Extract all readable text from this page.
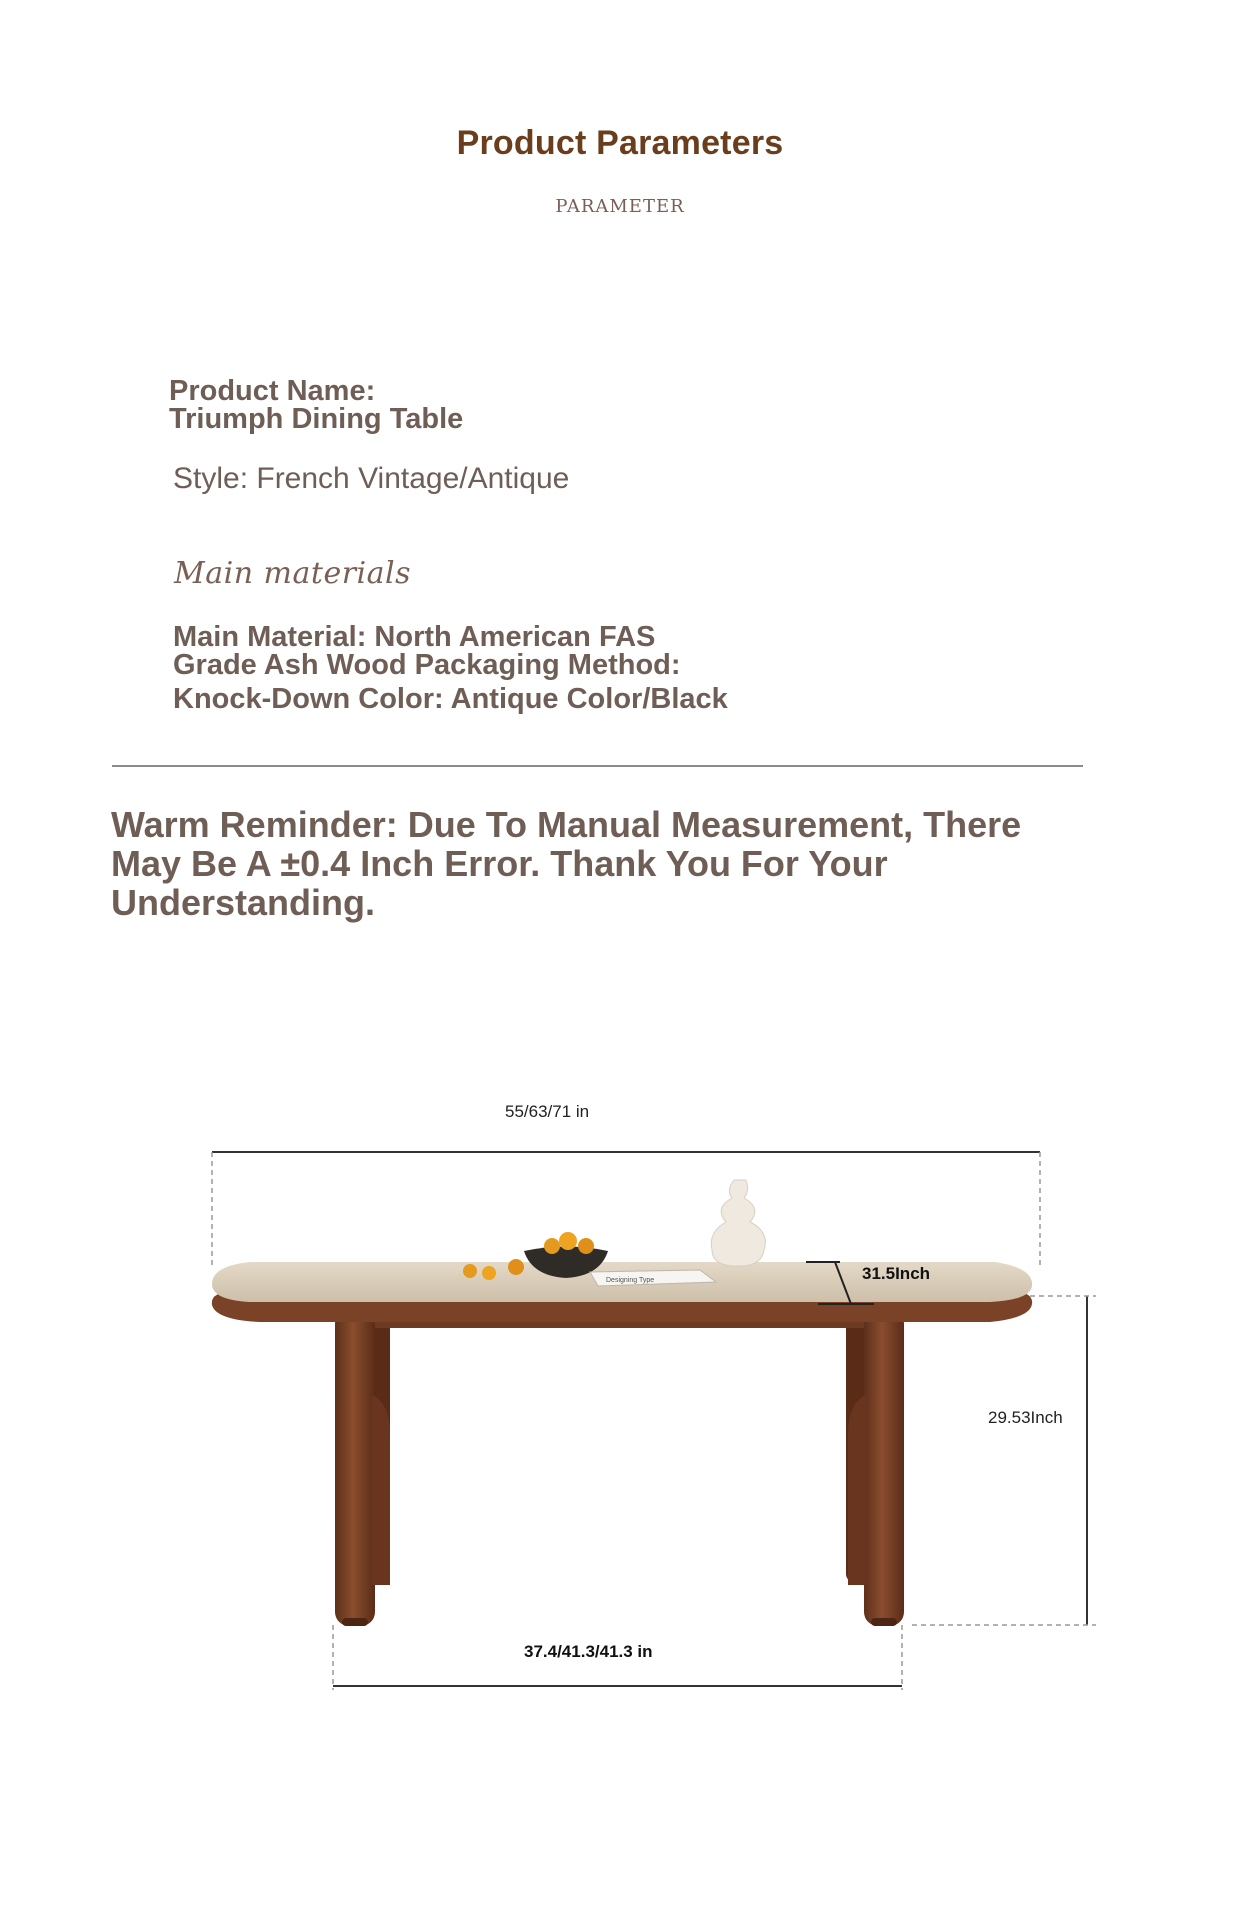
Product Parameters
PARAMETER
Product Name:
Triumph Dining Table
Style: French Vintage/Antique
Main materials
Main Material: North American FAS
Grade Ash Wood Packaging Method:
Knock-Down Color: Antique Color/Black
Warm Reminder: Due To Manual Measurement, There May Be A ±0.4 Inch Error. Thank You For Your Understanding.
Designing Type
55/63/71 in
31.5Inch
29.53Inch
37.4/41.3/41.3 in
